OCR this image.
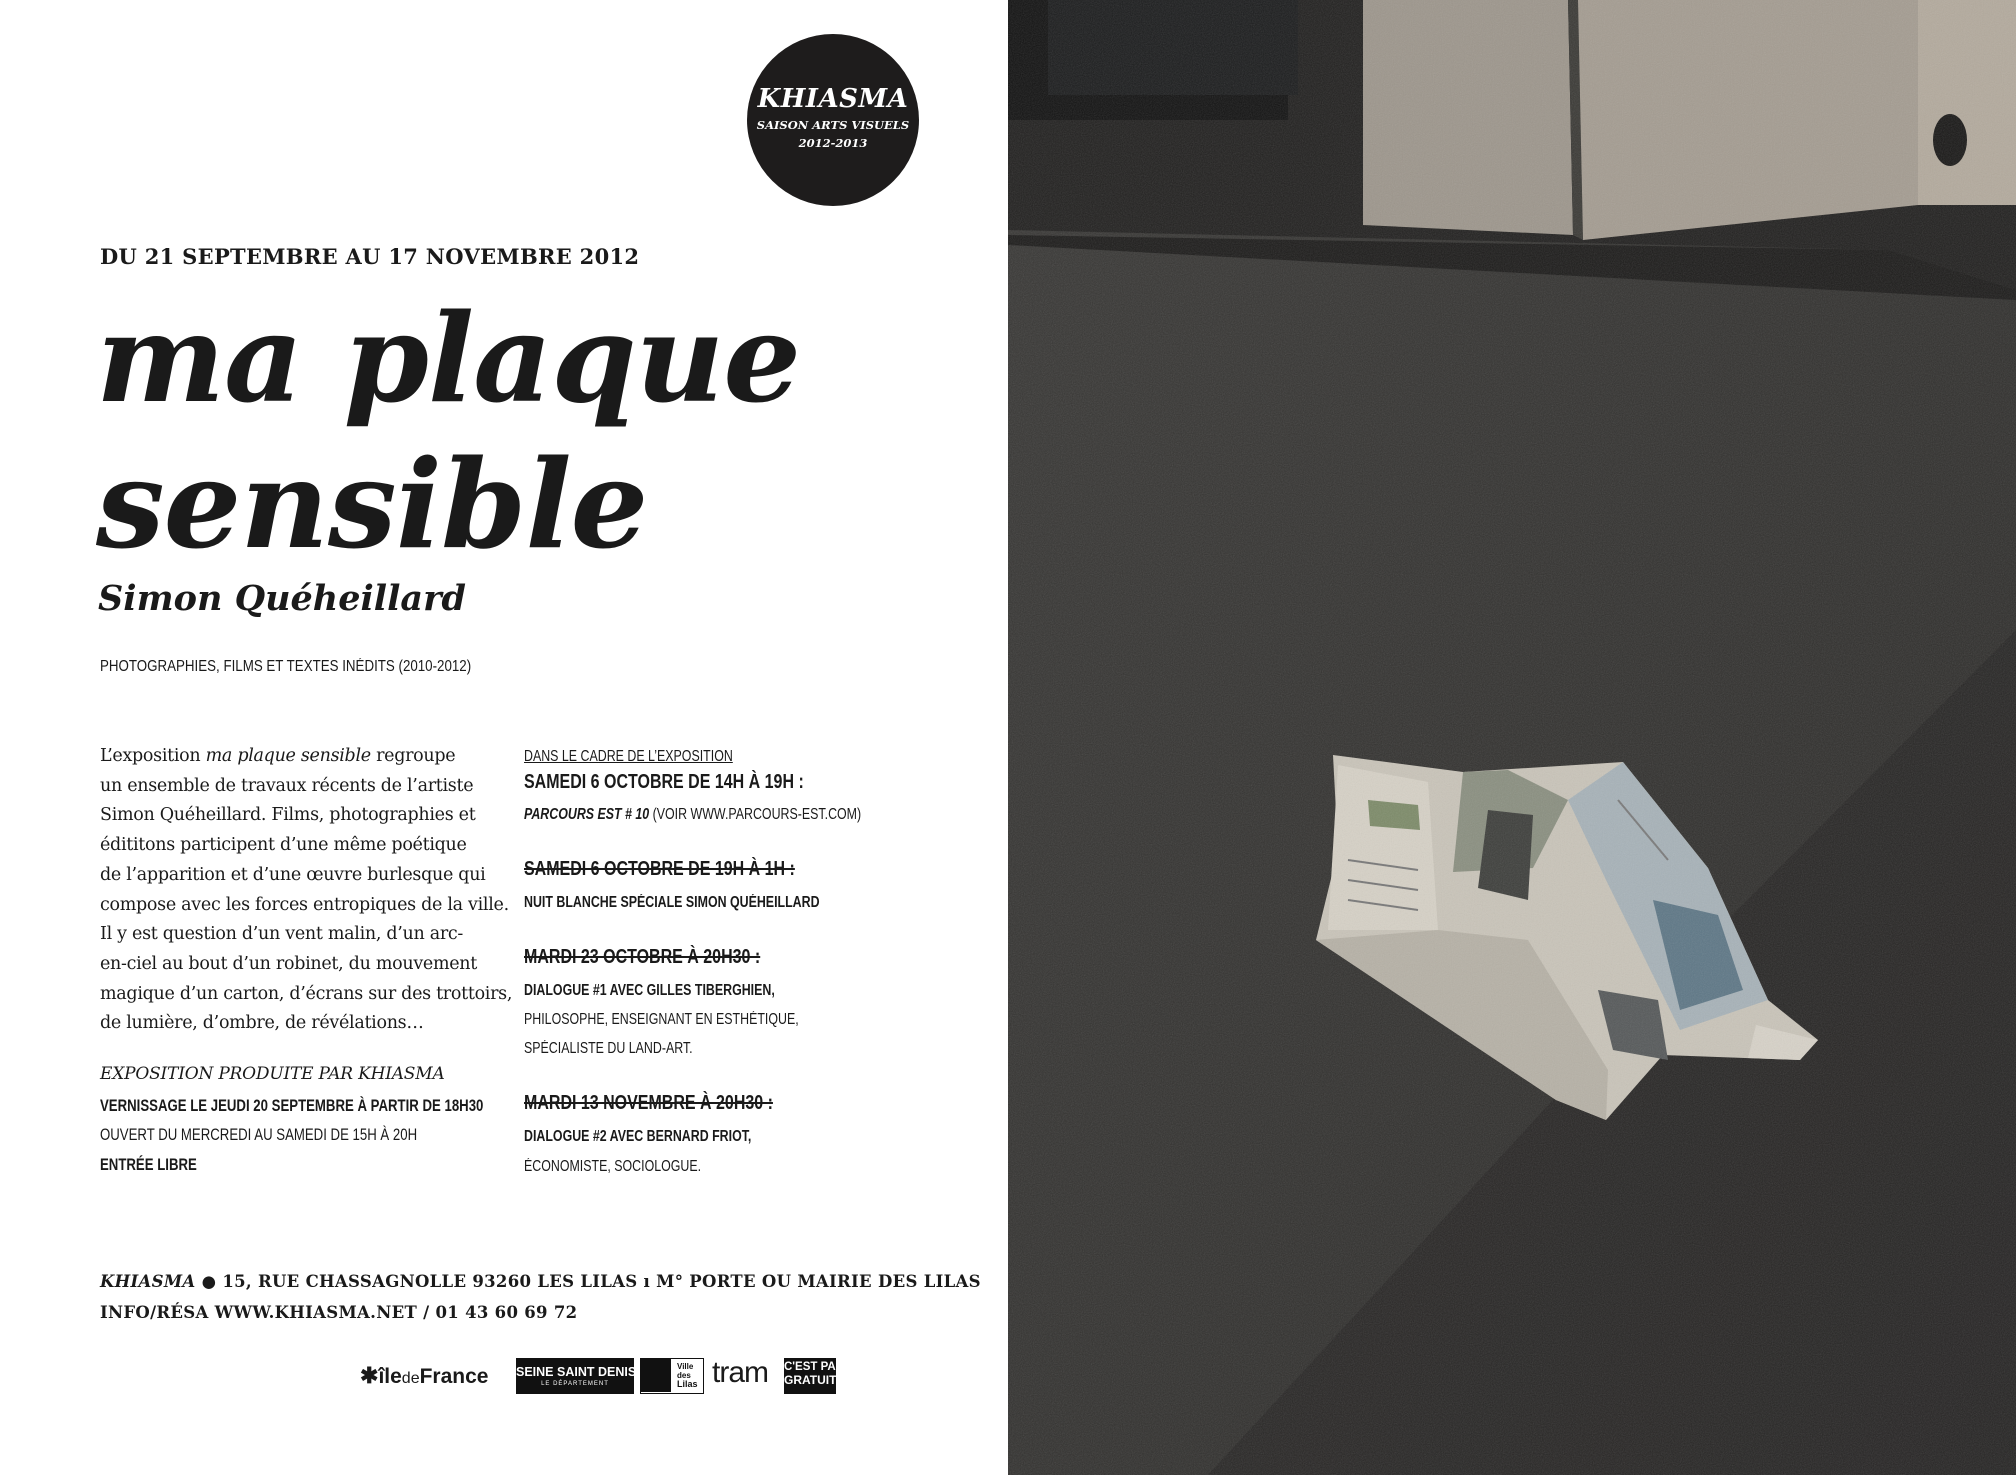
KHIASMA
SAISON ARTS VISUELS
2012-2013
DU 21 SEPTEMBRE AU 17 NOVEMBRE 2012
ma plaque
sensible
Simon Quéheillard
PHOTOGRAPHIES, FILMS ET TEXTES INÉDITS (2010-2012)
L’exposition ma plaque sensible regroupe
un ensemble de travaux récents de l’artiste
Simon Quéheillard. Films, photographies et
édititons participent d’une même poétique
de l’apparition et d’une œuvre burlesque qui
compose avec les forces entropiques de la ville.
Il y est question d’un vent malin, d’un arc-
en-ciel au bout d’un robinet, du mouvement
magique d’un carton, d’écrans sur des trottoirs,
de lumière, d’ombre, de révélations…
EXPOSITION PRODUITE PAR KHIASMA
VERNISSAGE LE JEUDI 20 SEPTEMBRE À PARTIR DE 18H30
OUVERT DU MERCREDI AU SAMEDI DE 15H À 20H
ENTRÉE LIBRE
DANS LE CADRE DE L’EXPOSITION
SAMEDI 6 OCTOBRE DE 14H À 19H :
PARCOURS EST # 10 (VOIR WWW.PARCOURS-EST.COM)
SAMEDI 6 OCTOBRE DE 19H À 1H :
NUIT BLANCHE SPÉCIALE SIMON QUÉHEILLARD
MARDI 23 OCTOBRE À 20H30 :
DIALOGUE #1 AVEC GILLES TIBERGHIEN,
PHILOSOPHE, ENSEIGNANT EN ESTHÉTIQUE,
SPÉCIALISTE DU LAND-ART.
MARDI 13 NOVEMBRE À 20H30 :
DIALOGUE #2 AVEC BERNARD FRIOT,
ÉCONOMISTE, SOCIOLOGUE.
KHIASMA ● 15, RUE CHASSAGNOLLE 93260 LES LILAS ı M° PORTE OU MAIRIE DES LILAS
INFO/RÉSA WWW.KHIASMA.NET / 01 43 60 69 72
✱îledeFrance	SEINE SAINT DENIS
LE DÉPARTEMENT
Ville
des
Lilas tram	C'EST PAS
GRATUIT
